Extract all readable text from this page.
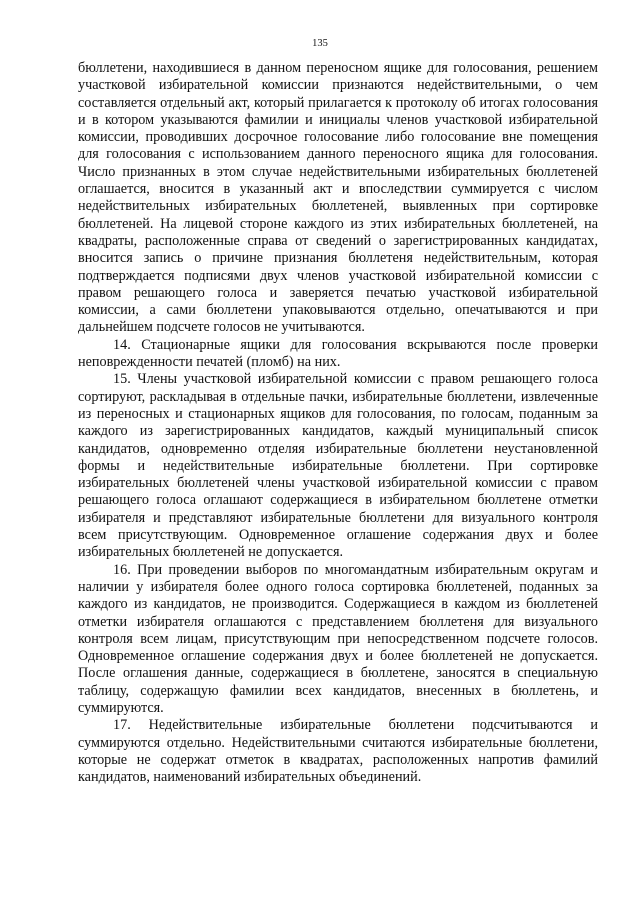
135

бюллетени, находившиеся в данном переносном ящике для голосования, решением участковой избирательной комиссии признаются недействительными, о чем составляется отдельный акт, который прилагается к протоколу об итогах голосования и в котором указываются фамилии и инициалы членов участковой избирательной комиссии, проводивших досрочное голосование либо голосование вне помещения для голосования с использованием данного переносного ящика для голосования. Число признанных в этом случае недействительными избирательных бюллетеней оглашается, вносится в указанный акт и впоследствии суммируется с числом недействительных избирательных бюллетеней, выявленных при сортировке бюллетеней. На лицевой стороне каждого из этих избирательных бюллетеней, на квадраты, расположенные справа от сведений о зарегистрированных кандидатах, вносится запись о причине признания бюллетеня недействительным, которая подтверждается подписями двух членов участковой избирательной комиссии с правом решающего голоса и заверяется печатью участковой избирательной комиссии, а сами бюллетени упаковываются отдельно, опечатываются и при дальнейшем подсчете голосов не учитываются.

14. Стационарные ящики для голосования вскрываются после проверки неповрежденности печатей (пломб) на них.

15. Члены участковой избирательной комиссии с правом решающего голоса сортируют, раскладывая в отдельные пачки, избирательные бюллетени, извлеченные из переносных и стационарных ящиков для голосования, по голосам, поданным за каждого из зарегистрированных кандидатов, каждый муниципальный список кандидатов, одновременно отделяя избирательные бюллетени неустановленной формы и недействительные избирательные бюллетени. При сортировке избирательных бюллетеней члены участковой избирательной комиссии с правом решающего голоса оглашают содержащиеся в избирательном бюллетене отметки избирателя и представляют избирательные бюллетени для визуального контроля всем присутствующим. Одновременное оглашение содержания двух и более избирательных бюллетеней не допускается.

16. При проведении выборов по многомандатным избирательным округам и наличии у избирателя более одного голоса сортировка бюллетеней, поданных за каждого из кандидатов, не производится. Содержащиеся в каждом из бюллетеней отметки избирателя оглашаются с представлением бюллетеня для визуального контроля всем лицам, присутствующим при непосредственном подсчете голосов. Одновременное оглашение содержания двух и более бюллетеней не допускается. После оглашения данные, содержащиеся в бюллетене, заносятся в специальную таблицу, содержащую фамилии всех кандидатов, внесенных в бюллетень, и суммируются.

17. Недействительные избирательные бюллетени подсчитываются и суммируются отдельно. Недействительными считаются избирательные бюллетени, которые не содержат отметок в квадратах, расположенных напротив фамилий кандидатов, наименований избирательных объединений.
